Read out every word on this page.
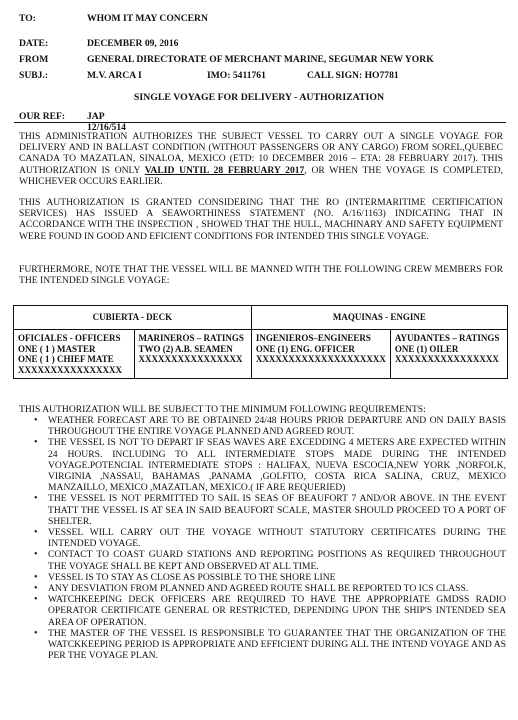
TO:	WHOM IT MAY CONCERN
DATE:	DECEMBER 09, 2016
FROM	GENERAL DIRECTORATE OF MERCHANT MARINE, SEGUMAR NEW YORK
SUBJ.:	M.V. ARCA I	IMO: 5411761	CALL SIGN: HO7781
SINGLE VOYAGE FOR DELIVERY - AUTHORIZATION
OUR REF: JAP 12/16/514

THIS ADMINISTRATION AUTHORIZES THE SUBJECT VESSEL TO CARRY OUT A SINGLE VOYAGE FOR DELIVERY AND IN BALLAST CONDITION (WITHOUT PASSENGERS OR ANY CARGO) FROM SOREL,QUEBEC CANADA TO MAZATLAN, SINALOA, MEXICO (ETD: 10 DECEMBER 2016 – ETA: 28 FEBRUARY 2017). THIS AUTHORIZATION IS ONLY VALID UNTIL 28 FEBRUARY 2017, OR WHEN THE VOYAGE IS COMPLETED, WHICHEVER OCCURS EARLIER.

THIS AUTHORIZATION IS GRANTED CONSIDERING THAT THE RO (INTERMARITIME CERTIFICATION SERVICES) HAS ISSUED A SEAWORTHINESS STATEMENT (NO. A/16/1163) INDICATING THAT IN ACCORDANCE WITH THE INSPECTION , SHOWED THAT THE HULL, MACHINARY AND SAFETY EQUIPMENT WERE FOUND IN GOOD AND EFICIENT CONDITIONS FOR INTENDED THIS SINGLE VOYAGE.

FURTHERMORE, NOTE THAT THE VESSEL WILL BE MANNED WITH THE FOLLOWING CREW MEMBERS FOR THE INTENDED SINGLE VOYAGE:

CUBIERTA - DECK		MAQUINAS - ENGINE	

OFICIALES - OFFICERS
ONE ( 1 ) MASTER
ONE ( 1 ) CHIEF MATE
XXXXXXXXXXXXXXXX	MARINEROS – RATINGS
TWO (2) A.B. SEAMEN
XXXXXXXXXXXXXXXX	INGENIEROS–ENGINEERS
ONE (1) ENG. OFFICER
XXXXXXXXXXXXXXXXXXXX	AYUDANTES – RATINGS
ONE (1) OILER
XXXXXXXXXXXXXXXX

THIS AUTHORIZATION WILL BE SUBJECT TO THE MINIMUM FOLLOWING REQUIREMENTS:

• WEATHER FORECAST ARE TO BE OBTAINED 24/48 HOURS PRIOR DEPARTURE AND ON DAILY BASIS THROUGHOUT THE ENTIRE VOYAGE PLANNED AND AGREED ROUT.
• THE VESSEL IS NOT TO DEPART IF SEAS WAVES ARE EXCEDDING 4 METERS ARE EXPECTED WITHIN 24 HOURS. INCLUDING TO ALL INTERMEDIATE STOPS MADE DURING THE INTENDED VOYAGE.POTENCIAL INTERMEDIATE STOPS : HALIFAX, NUEVA ESCOCIA,NEW YORK ,NORFOLK, VIRGINIA ,NASSAU, BAHAMAS ,PANAMA ,GOLFITO, COSTA RICA SALINA, CRUZ, MEXICO MANZAILLO, MEXICO ,MAZATLAN, MEXICO.( IF ARE REQUERIED)
• THE VESSEL IS NOT PERMITTED TO SAIL IS SEAS OF BEAUFORT 7 AND/OR ABOVE. IN THE EVENT THATT THE VESSEL IS AT SEA IN SAID BEAUFORT SCALE, MASTER SHOULD PROCEED TO A PORT OF SHELTER.
• VESSEL WILL CARRY OUT THE VOYAGE WITHOUT STATUTORY CERTIFICATES DURING THE INTENDED VOYAGE.
• CONTACT TO COAST GUARD STATIONS AND REPORTING POSITIONS AS REQUIRED THROUGHOUT THE VOYAGE SHALL BE KEPT AND OBSERVED AT ALL TIME.
• VESSEL IS TO STAY AS CLOSE AS POSSIBLE TO THE SHORE LINE
• ANY DESVIATION FROM PLANNED AND AGREED ROUTE SHALL BE REPORTED TO ICS CLASS.
• WATCHKEEPING DECK OFFICERS ARE REQUIRED TO HAVE THE APPROPRIATE GMDSS RADIO OPERATOR CERTIFICATE GENERAL OR RESTRICTED, DEPENDING UPON THE SHIP'S INTENDED SEA AREA OF OPERATION.
• THE MASTER OF THE VESSEL IS RESPONSIBLE TO GUARANTEE THAT THE ORGANIZATION OF THE WATCKKEEPING PERIOD IS APPROPRIATE AND EFFICIENT DURING ALL THE INTEND VOYAGE AND AS PER THE VOYAGE PLAN.
